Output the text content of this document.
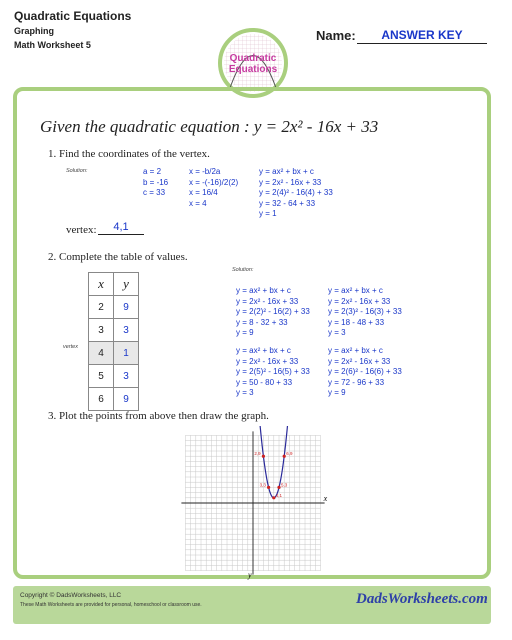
Quadratic Equations
Graphing
Math Worksheet 5
Name:	ANSWER KEY
Quadratic
Equations
Given the quadratic equation : y = 2x² - 16x + 33
1. Find the coordinates of the vertex.
Solution:	a = 2
b = -16
c = 33
x = -b/2a
x = -(-16)/2(2)
x = 16/4
x = 4
y = ax² + bx + c
y = 2x² - 16x + 33
y = 2(4)² - 16(4) + 33
y = 32 - 64 + 33
y = 1
vertex:	4,1
2. Complete the table of values.
x	y
2	9
3	3
4	1
5	3
6	9
vertex
Solution:
y = ax² + bx + c
y = 2x² - 16x + 33
y = 2(2)² - 16(2) + 33
y = 8 - 32 + 33
y = 9
y = ax² + bx + c
y = 2x² - 16x + 33
y = 2(3)² - 16(3) + 33
y = 18 - 48 + 33
y = 3
y = ax² + bx + c
y = 2x² - 16x + 33
y = 2(5)² - 16(5) + 33
y = 50 - 80 + 33
y = 3
y = ax² + bx + c
y = 2x² - 16x + 33
y = 2(6)² - 16(6) + 33
y = 72 - 96 + 33
y = 9
3. Plot the points from above then draw the graph.
x
y
2,9
3,3
4,1
5,3
6,9
Copyright © DadsWorksheets, LLC
These Math Worksheets are provided for personal, homeschool or classroom use.	DadsWorksheets.com
